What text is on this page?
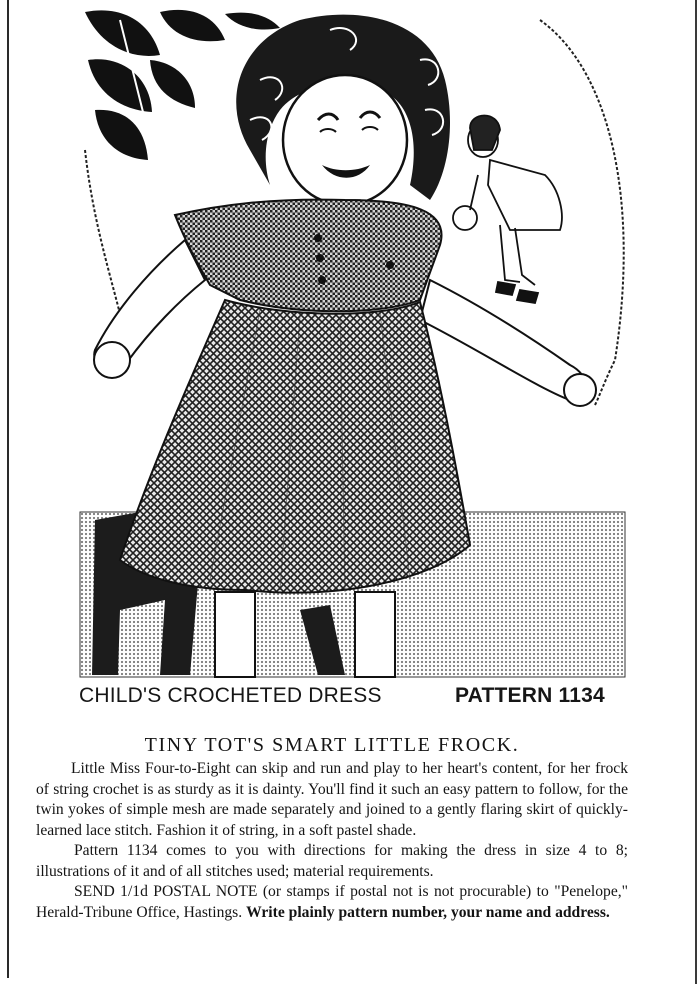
CHILD'S CROCHETED DRESS	PATTERN 1134
TINY TOT'S SMART LITTLE FROCK.

Little Miss Four-to-Eight can skip and run and play to her heart's content, for her frock of string crochet is as sturdy as it is dainty. You'll find it such an easy pattern to follow, for the twin yokes of simple mesh are made separately and joined to a gently flaring skirt of quickly-learned lace stitch. Fashion it of string, in a soft pastel shade.

Pattern 1134 comes to you with directions for making the dress in size 4 to 8; illustrations of it and of all stitches used; material requirements.

SEND 1/1d POSTAL NOTE (or stamps if postal not is not procurable) to "Penelope," Herald-Tribune Office, Hastings. Write plainly pattern number, your name and address.
